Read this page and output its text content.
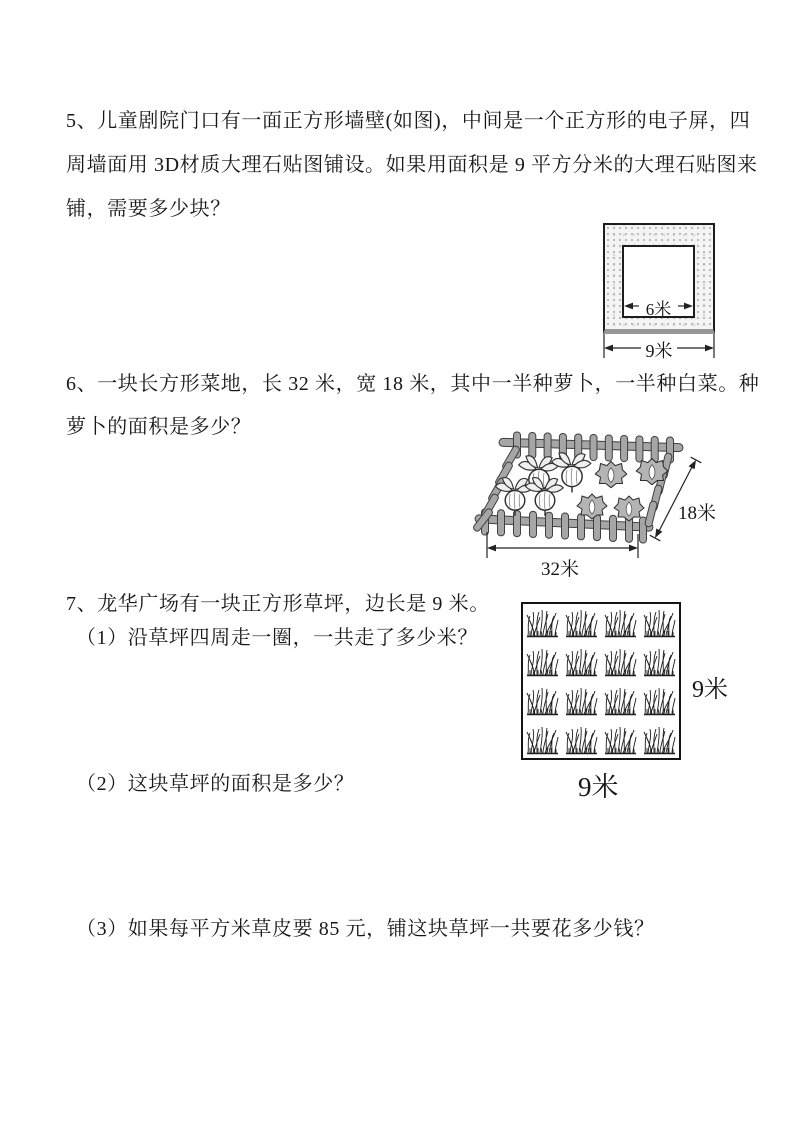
5、儿童剧院门口有一面正方形墙壁(如图)，中间是一个正方形的电子屏，四
周墙面用 3D材质大理石贴图铺设。如果用面积是 9 平方分米的大理石贴图来
铺，需要多少块？
6米
9米
6、一块长方形菜地，长 32 米，宽 18 米，其中一半种萝卜，一半种白菜。种
萝卜的面积是多少？
32米
18米
7、龙华广场有一块正方形草坪，边长是 9 米。
（1）沿草坪四周走一圈，一共走了多少米？
（2）这块草坪的面积是多少？
（3）如果每平方米草皮要 85 元，铺这块草坪一共要花多少钱？
9米
9米
